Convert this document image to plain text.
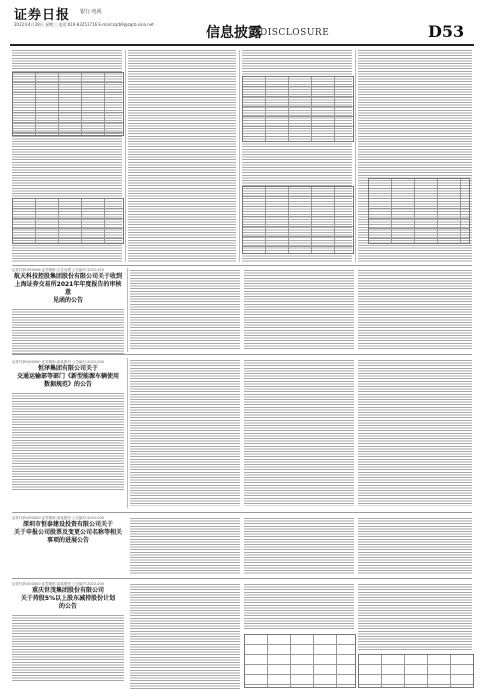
证券日报 银行·电视
2022年4月20日 星期三 电话:010-83251716 E-mail:zqrb9@zqrb.sina.net
信息披露
DISCLOSURE	D53
证券代码:000596 证券简称:古井贡酒 公告编号:2022-010
航天科技控股集团股份有限公司关于收到
上海证券交易所2021年年度报告的审核意
见函的公告
证券代码:000000 证券简称:某某股份 公告编号:2022-000
恒泽集团有限公司关于
交通运输部等部门《新型能源车辆使用
数据规范》的公告
证券代码:000000 证券简称:某某股份 公告编号:2022-000
深圳市恒泰建设投资有限公司关于
关于申报公司股票及变更公司名称等相关
事项的进展公告
证券代码:000000 证券简称:某某股份 公告编号:2022-000
重庆世茂集团股份有限公司
关于持股5%以上股东减持股份计划
的公告
